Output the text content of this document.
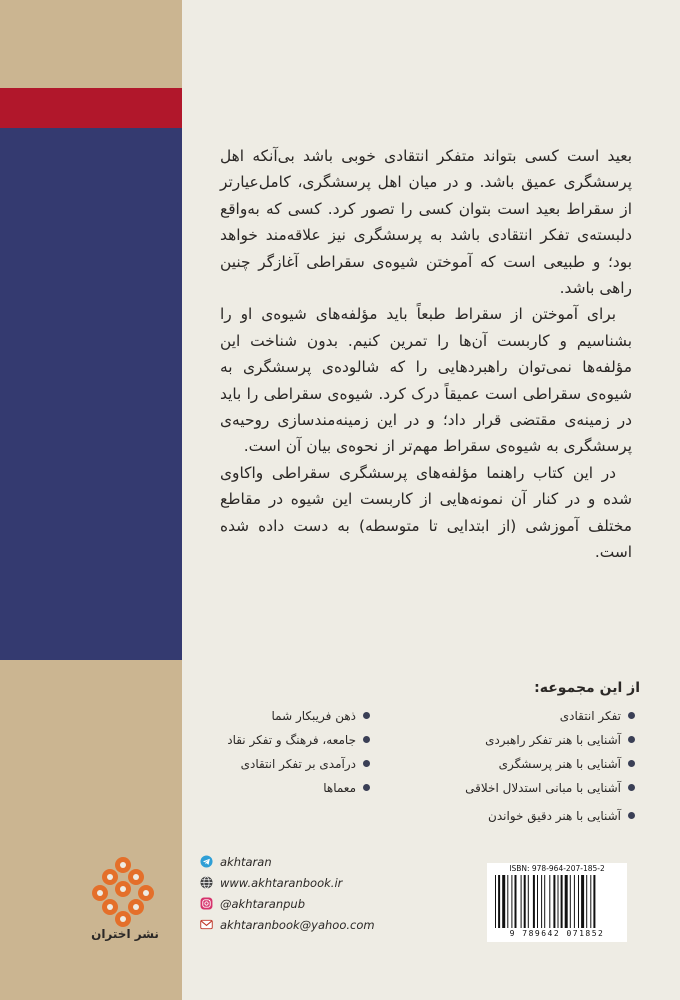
بعید است کسی بتواند متفکر انتقادی خوبی باشد بی‌آنکه اهل پرسشگری عمیق باشد. و در میان اهل پرسشگری، کامل‌عیارتر از سقراط بعید است بتوان کسی را تصور کرد. کسی که به‌واقع دلبسته‌ی تفکر انتقادی باشد به پرسشگری نیز علاقه‌مند خواهد بود؛ و طبیعی است که آموختن شیوه‌ی سقراطی آغازگر چنین راهی باشد.

برای آموختن از سقراط طبعاً باید مؤلفه‌های شیوه‌ی او را بشناسیم و کاربست آن‌ها را تمرین کنیم. بدون شناخت این مؤلفه‌ها نمی‌توان راهبردهایی را که شالوده‌ی پرسشگری به شیوه‌ی سقراطی است عمیقاً درک کرد. شیوه‌ی سقراطی را باید در زمینه‌ی مقتضی قرار داد؛ و در این زمینه‌مندسازی روحیه‌ی پرسشگری به شیوه‌ی سقراط مهم‌تر از نحوه‌ی بیان آن است.

در این کتاب راهنما مؤلفه‌های پرسشگری سقراطی واکاوی شده و در کنار آن نمونه‌هایی از کاربست این شیوه در مقاطع مختلف آموزشی (از ابتدایی تا متوسطه) به دست داده شده است.

از این مجموعه:
تفکر انتقادی
آشنایی با هنر تفکر راهبردی
آشنایی با هنر پرسشگری
آشنایی با مبانی استدلال اخلاقی
آشنایی با هنر دقیق خواندن
ذهن فریبکار شما
جامعه، فرهنگ و تفکر نقاد
درآمدی بر تفکر انتقادی
معماها
نشر اختران
akhtaran
www.akhtaranbook.ir
@akhtaranpub
akhtaranbook@yahoo.com
ISBN: 978-964-207-185-2
9 789642 071852
